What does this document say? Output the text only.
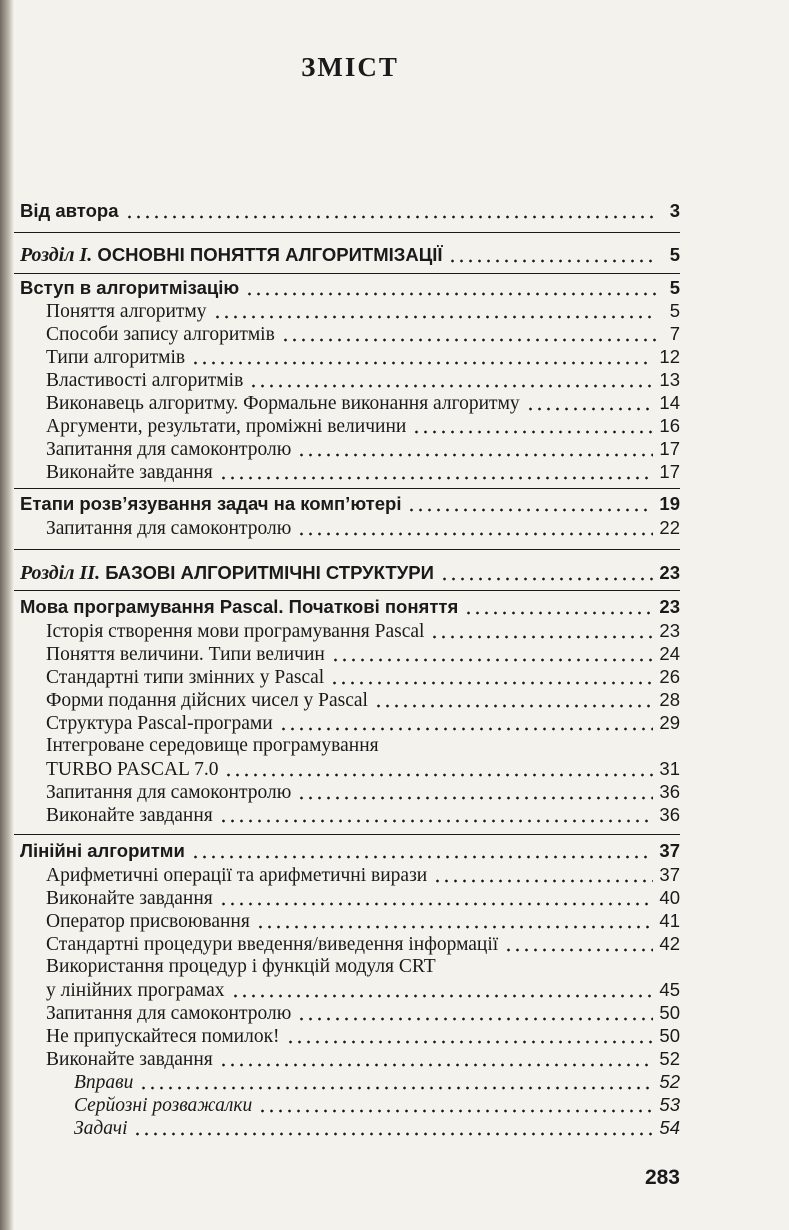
ЗМІСТ
Від автора	3
Розділ І. ОСНОВНІ ПОНЯТТЯ АЛГОРИТМІЗАЦІЇ	5
Вступ в алгоритмізацію	5
Поняття алгоритму	5
Способи запису алгоритмів	7
Типи алгоритмів	12
Властивості алгоритмів	13
Виконавець алгоритму. Формальне виконання алгоритму	14
Аргументи, результати, проміжні величини	16
Запитання для самоконтролю	17
Виконайте завдання	17
Етапи розв’язування задач на комп’ютері	19
Запитання для самоконтролю	22
Розділ ІІ. БАЗОВІ АЛГОРИТМІЧНІ СТРУКТУРИ	23
Мова програмування Pascal. Початкові поняття	23
Історія створення мови програмування Pascal	23
Поняття величини. Типи величин	24
Стандартні типи змінних у Pascal	26
Форми подання дійсних чисел у Pascal	28
Структура Pascal-програми	29
Інтегроване середовище програмування
TURBO PASCAL 7.0	31
Запитання для самоконтролю	36
Виконайте завдання	36
Лінійні алгоритми	37
Арифметичні операції та арифметичні вирази	37
Виконайте завдання	40
Оператор присвоювання	41
Стандартні процедури введення/виведення інформації	42
Використання процедур і функцій модуля CRT
у лінійних програмах	45
Запитання для самоконтролю	50
Не припускайтеся помилок!	50
Виконайте завдання	52
Вправи	52
Серйозні розважалки	53
Задачі	54
283
